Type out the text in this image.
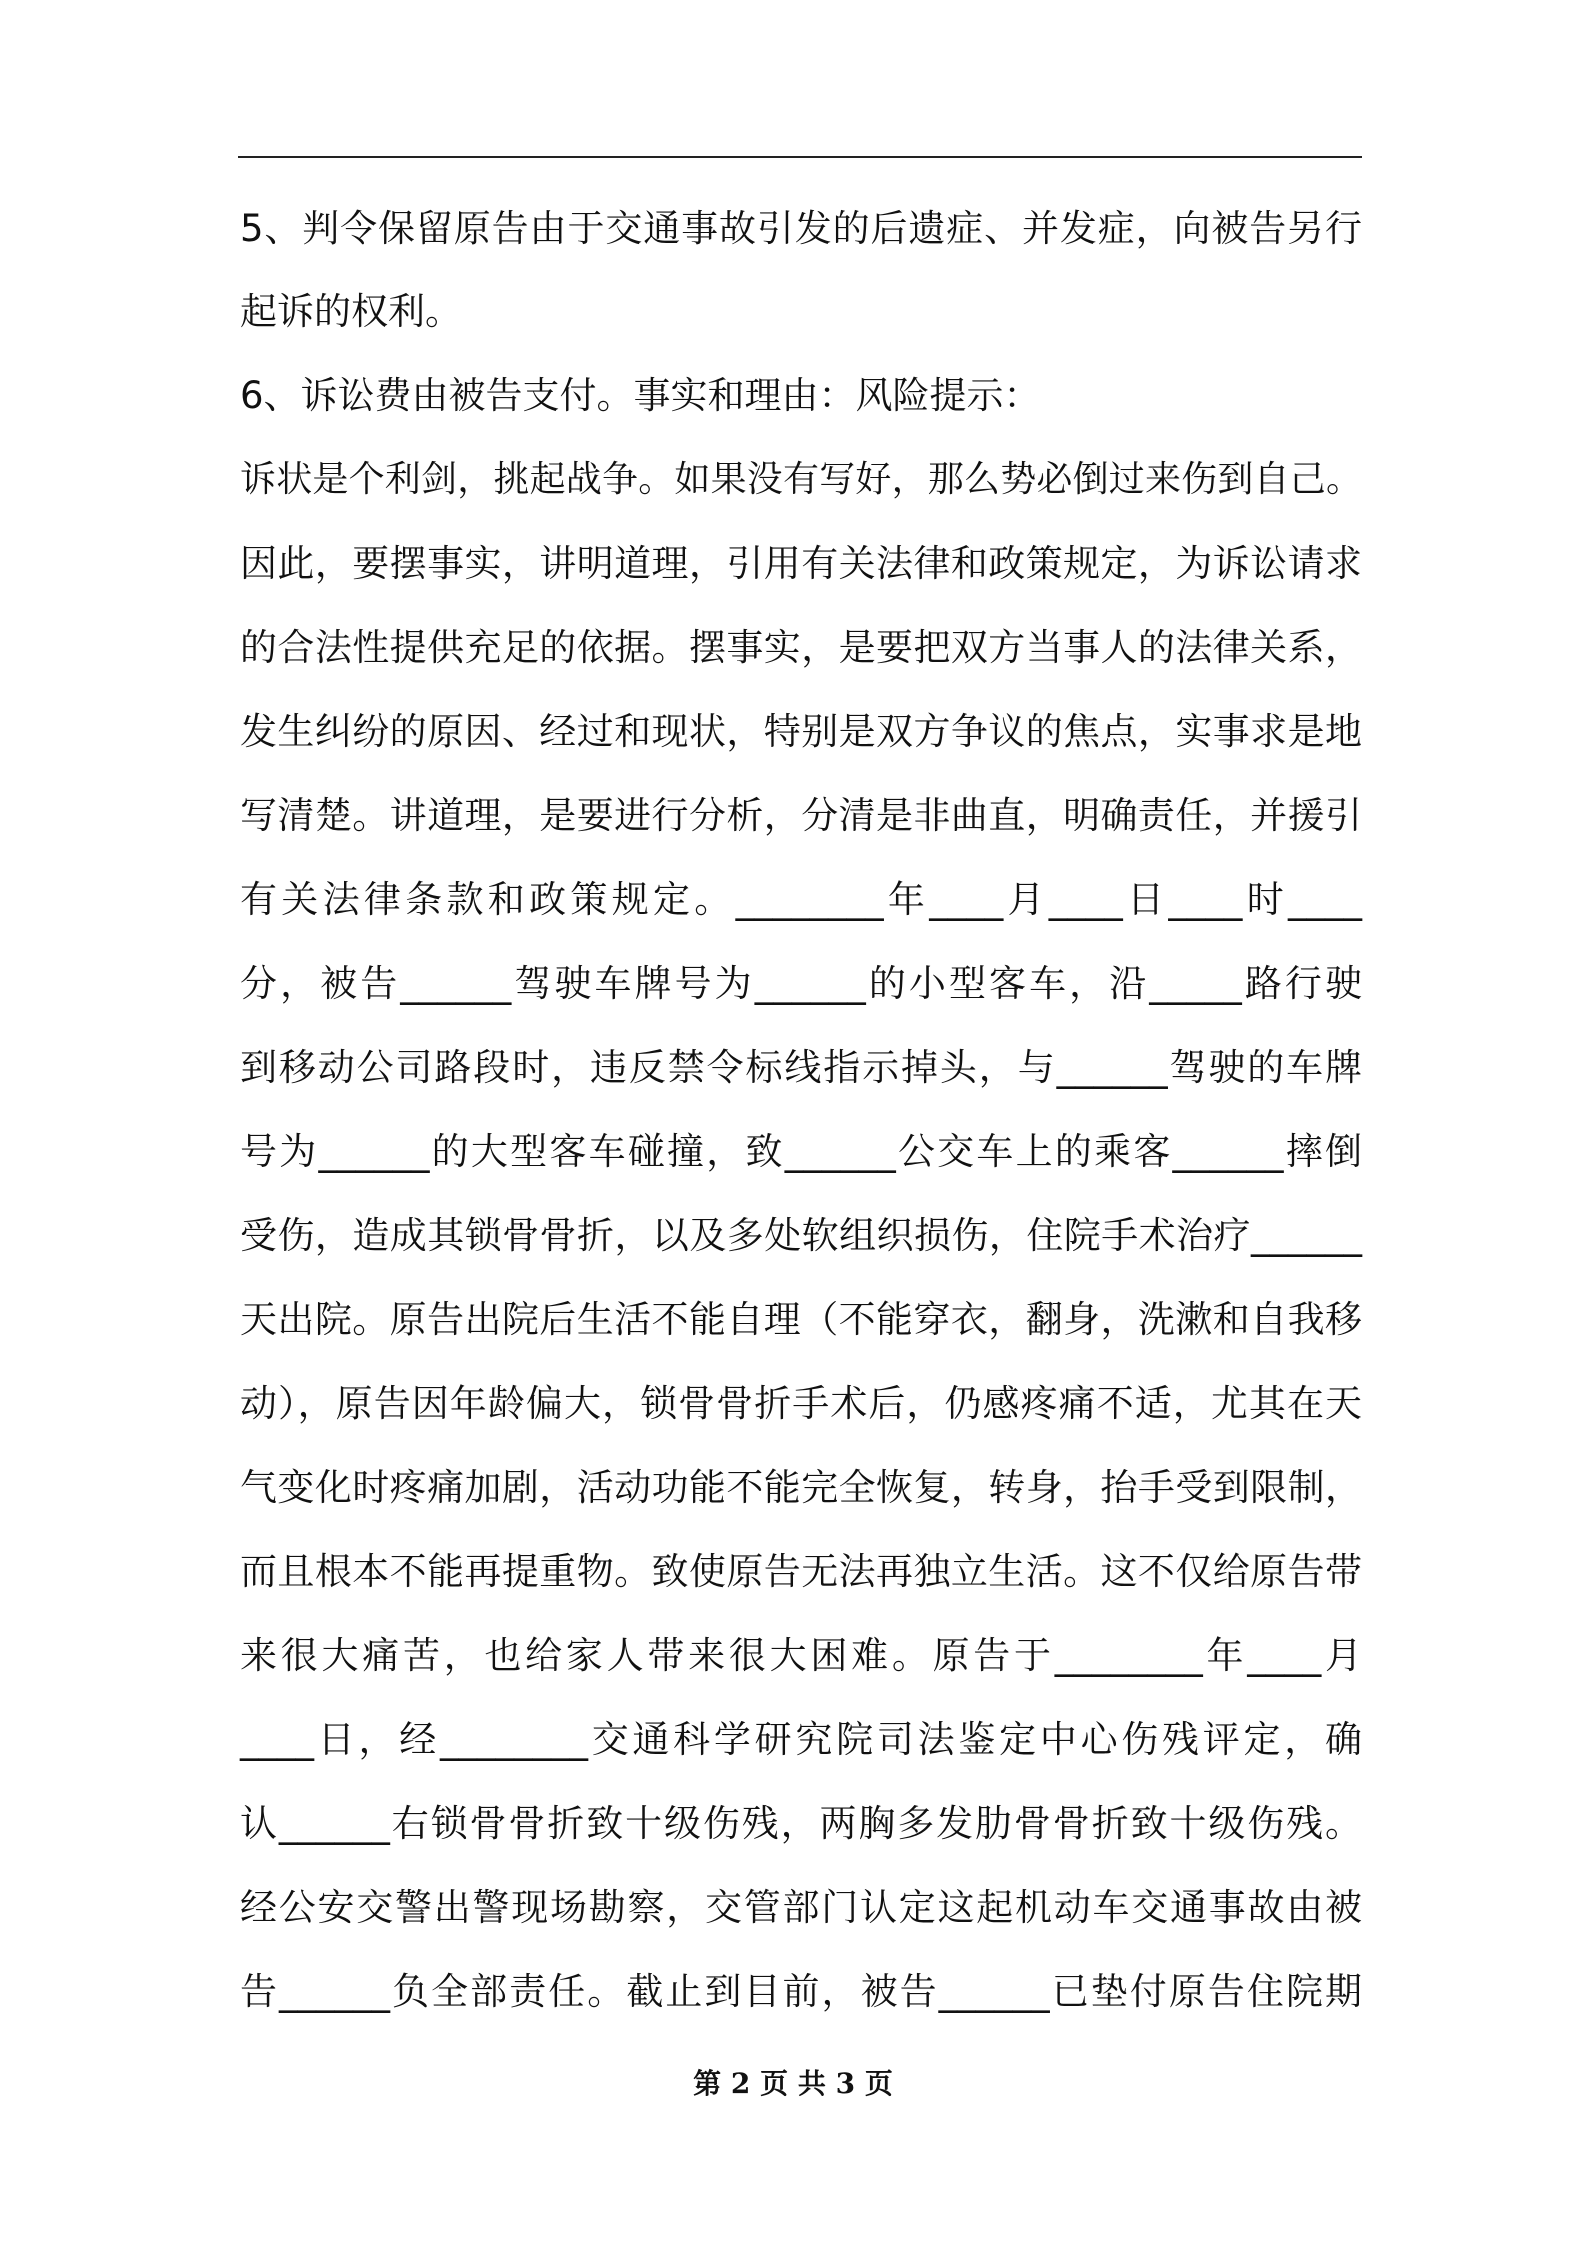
5、判令保留原告由于交通事故引发的后遗症、并发症，向被告另行
起诉的权利。
6、诉讼费由被告支付。事实和理由：风险提示：
诉状是个利剑，挑起战争。如果没有写好，那么势必倒过来伤到自己。
因此，要摆事实，讲明道理，引用有关法律和政策规定，为诉讼请求
的合法性提供充足的依据。摆事实，是要把双方当事人的法律关系，
发生纠纷的原因、经过和现状，特别是双方争议的焦点，实事求是地
写清楚。讲道理，是要进行分析，分清是非曲直，明确责任，并援引
有关法律条款和政策规定。________年____月____日____时____
分，被告______驾驶车牌号为______的小型客车，沿_____路行驶
到移动公司路段时，违反禁令标线指示掉头，与______驾驶的车牌
号为______的大型客车碰撞，致______公交车上的乘客______摔倒
受伤，造成其锁骨骨折，以及多处软组织损伤，住院手术治疗______
天出院。原告出院后生活不能自理（不能穿衣，翻身，洗漱和自我移
动），原告因年龄偏大，锁骨骨折手术后，仍感疼痛不适，尤其在天
气变化时疼痛加剧，活动功能不能完全恢复，转身，抬手受到限制，
而且根本不能再提重物。致使原告无法再独立生活。这不仅给原告带
来很大痛苦，也给家人带来很大困难。原告于________年____月
____日，经________交通科学研究院司法鉴定中心伤残评定，确
认______右锁骨骨折致十级伤残，两胸多发肋骨骨折致十级伤残。
经公安交警出警现场勘察，交管部门认定这起机动车交通事故由被
告______负全部责任。截止到目前，被告______已垫付原告住院期
第 2 页 共 3 页
